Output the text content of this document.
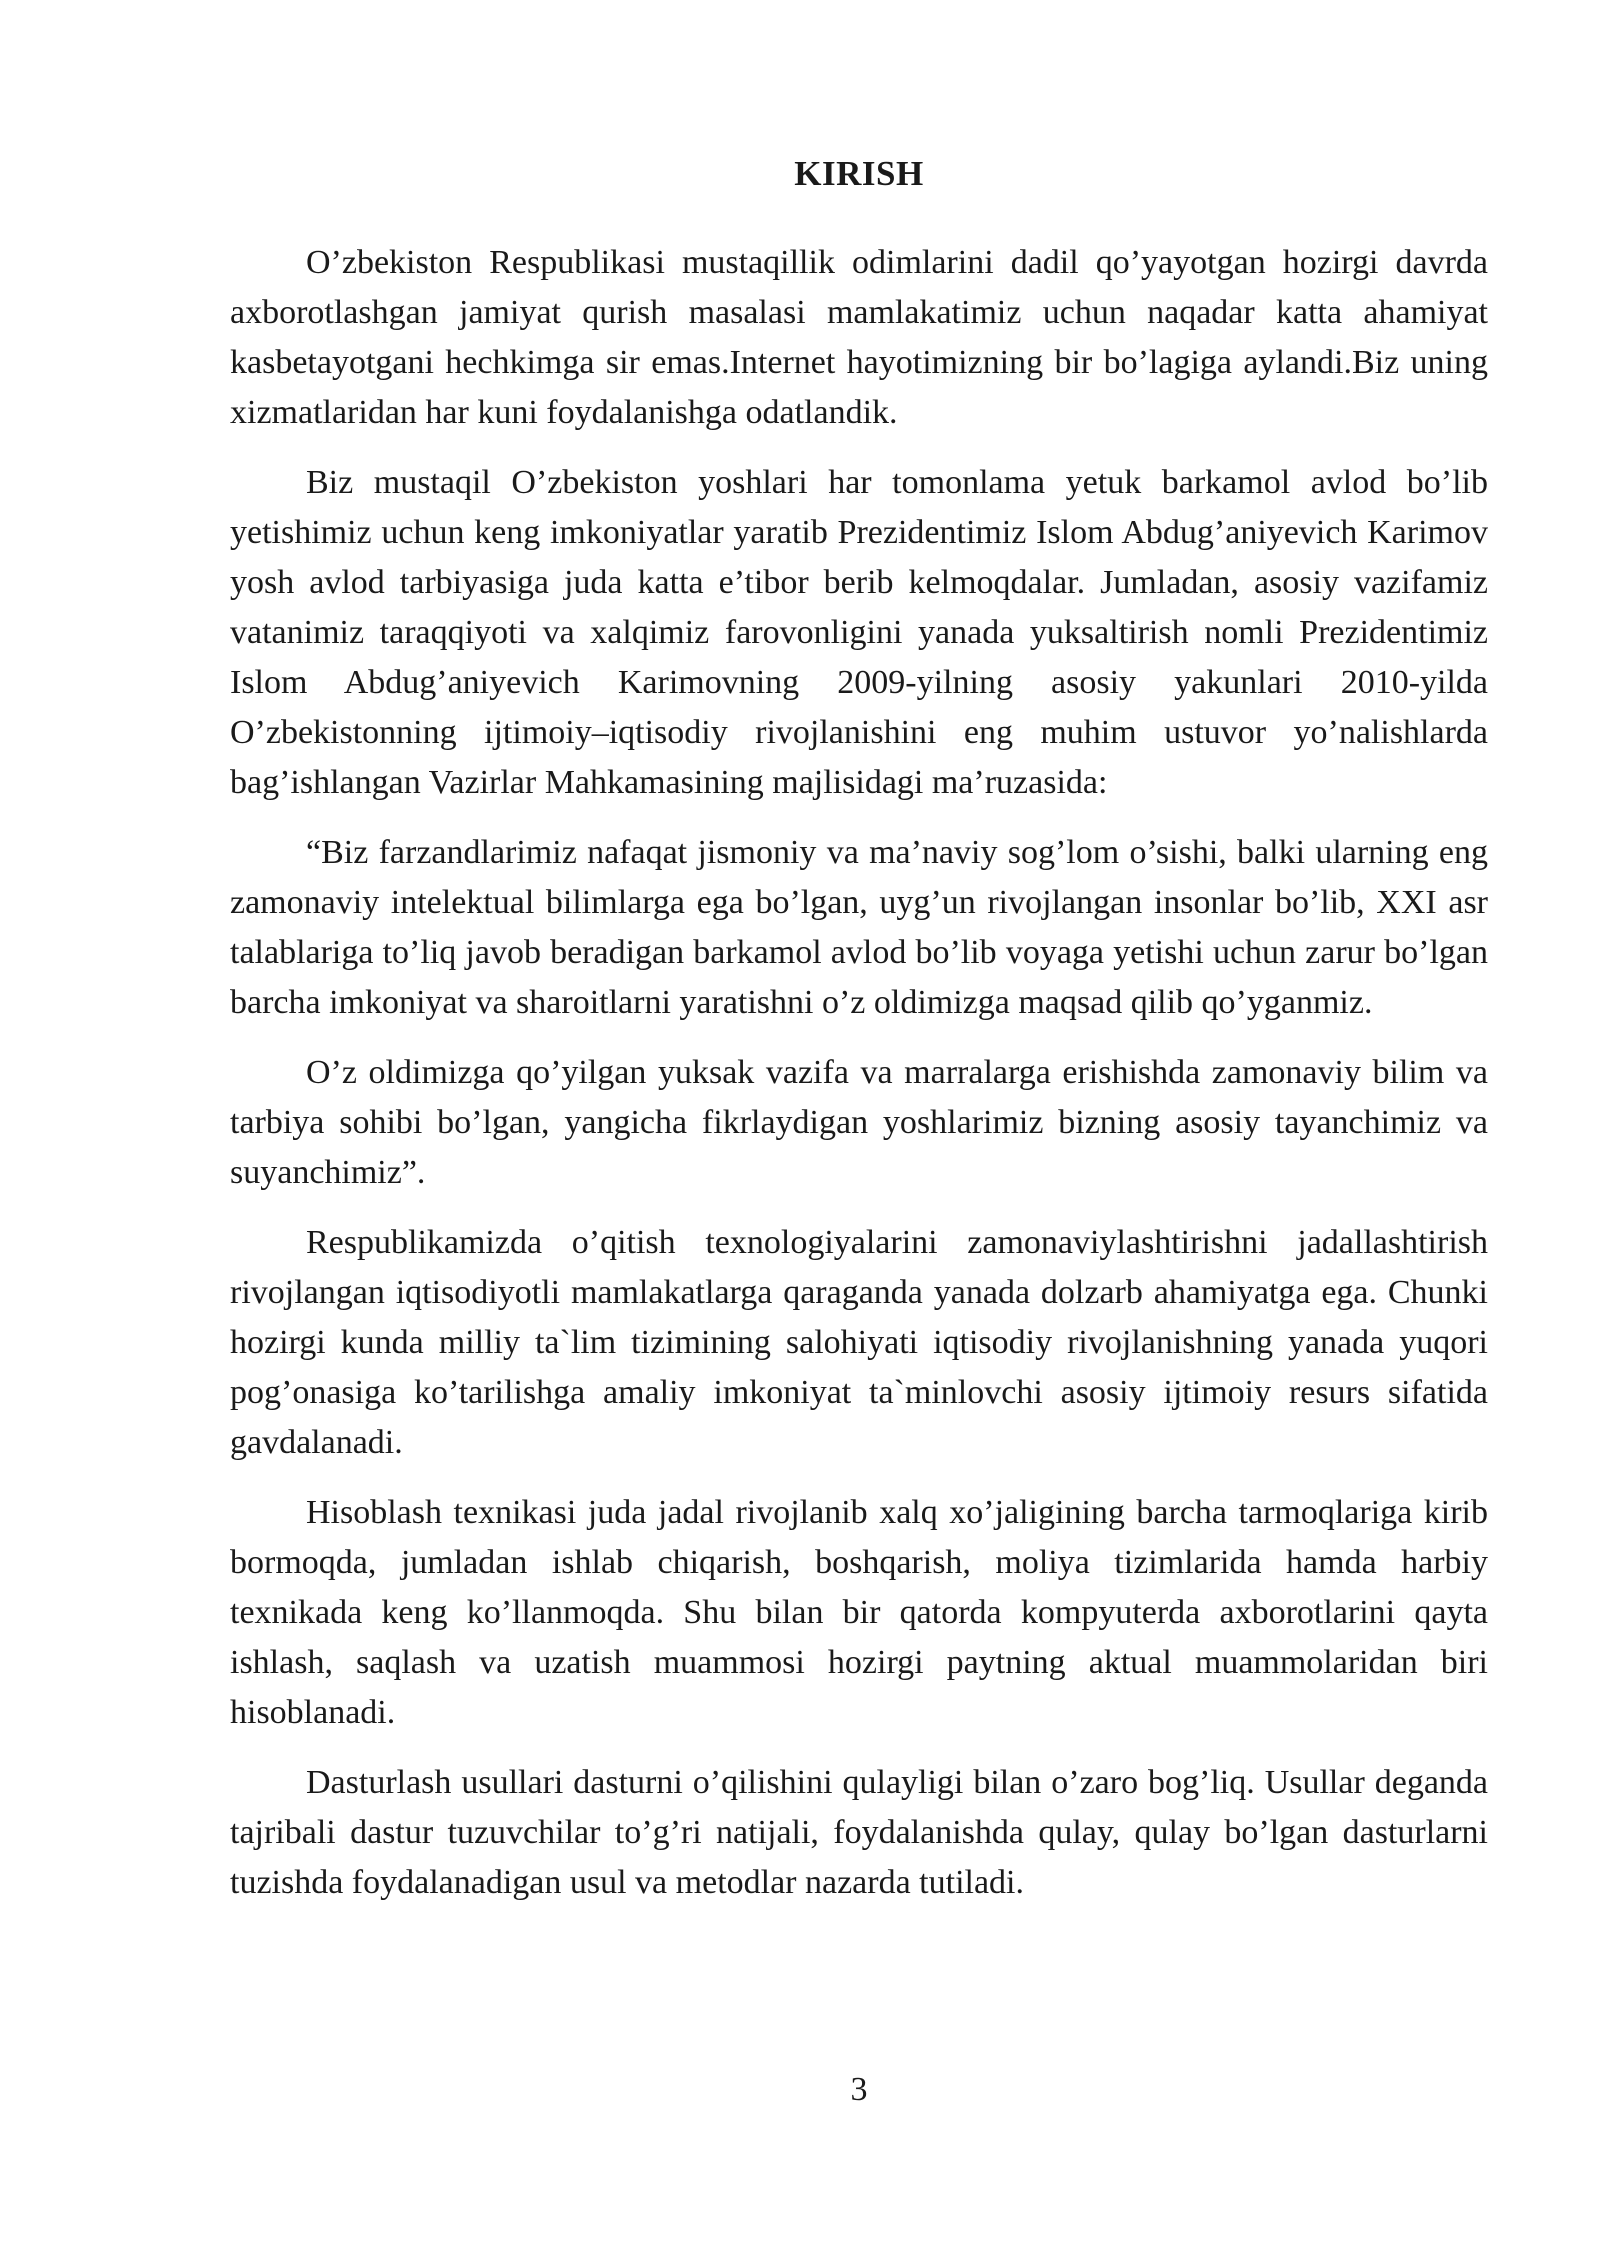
KIRISH

O’zbekiston Respublikasi mustaqillik odimlarini dadil qo’yayotgan hozirgi davrda axborotlashgan jamiyat qurish masalasi mamlakatimiz uchun naqadar katta ahamiyat kasbetayotgani hechkimga sir emas.Internet hayotimizning bir bo’lagiga aylandi.Biz uning xizmatlaridan har kuni foydalanishga odatlandik.

Biz mustaqil O’zbekiston yoshlari har tomonlama yetuk barkamol avlod bo’lib yetishimiz uchun keng imkoniyatlar yaratib Prezidentimiz Islom Abdug’aniyevich Karimov yosh avlod tarbiyasiga juda katta e’tibor berib kelmoqdalar. Jumladan, asosiy vazifamiz vatanimiz taraqqiyoti va xalqimiz farovonligini yanada yuksaltirish nomli Prezidentimiz Islom Abdug’aniyevich Karimovning 2009-yilning asosiy yakunlari 2010-yilda O’zbekistonning ijtimoiy–iqtisodiy rivojlanishini eng muhim ustuvor yo’nalishlarda bag’ishlangan Vazirlar Mahkamasining majlisidagi ma’ruzasida:

“Biz farzandlarimiz nafaqat jismoniy va ma’naviy sog’lom o’sishi, balki ularning eng zamonaviy intelektual bilimlarga ega bo’lgan, uyg’un rivojlangan insonlar bo’lib, XXI asr talablariga to’liq javob beradigan barkamol avlod bo’lib voyaga yetishi uchun zarur bo’lgan barcha imkoniyat va sharoitlarni yaratishni o’z oldimizga maqsad qilib qo’yganmiz.

O’z oldimizga qo’yilgan yuksak vazifa va marralarga erishishda zamonaviy bilim va tarbiya sohibi bo’lgan, yangicha fikrlaydigan yoshlarimiz bizning asosiy tayanchimiz va suyanchimiz”.

Respublikamizda o’qitish texnologiyalarini zamonaviylashtirishni jadallashtirish rivojlangan iqtisodiyotli mamlakatlarga qaraganda yanada dolzarb ahamiyatga ega. Chunki hozirgi kunda milliy ta`lim tizimining salohiyati iqtisodiy rivojlanishning yanada yuqori pog’onasiga ko’tarilishga amaliy imkoniyat ta`minlovchi asosiy ijtimoiy resurs sifatida gavdalanadi.

Hisoblash texnikasi juda jadal rivojlanib xalq xo’jaligining barcha tarmoqlariga kirib bormoqda, jumladan ishlab chiqarish, boshqarish, moliya tizimlarida hamda harbiy texnikada keng ko’llanmoqda. Shu bilan bir qatorda kompyuterda axborotlarini qayta ishlash, saqlash va uzatish muammosi hozirgi paytning aktual muammolaridan biri hisoblanadi.

Dasturlash usullari dasturni o’qilishini qulayligi bilan o’zaro bog’liq. Usullar deganda tajribali dastur tuzuvchilar to’g’ri natijali, foydalanishda qulay, qulay bo’lgan dasturlarni tuzishda foydalanadigan usul va metodlar nazarda tutiladi.

3
